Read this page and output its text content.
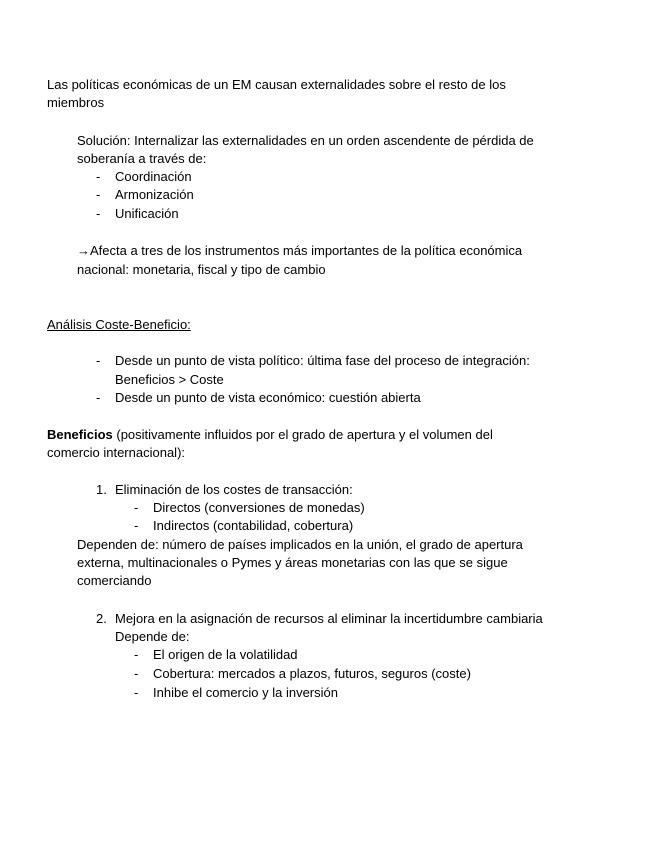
Las políticas económicas de un EM causan externalidades sobre el resto de los
miembros
Solución: Internalizar las externalidades en un orden ascendente de pérdida de
soberanía a través de:
- Coordinación
- Armonización
- Unificación
→Afecta a tres de los instrumentos más importantes de la política económica
nacional: monetaria, fiscal y tipo de cambio
Análisis Coste-Beneficio:
- Desde un punto de vista político: última fase del proceso de integración:
Beneficios > Coste
- Desde un punto de vista económico: cuestión abierta
Beneficios (positivamente influidos por el grado de apertura y el volumen del
comercio internacional):
1. Eliminación de los costes de transacción:
- Directos (conversiones de monedas)
- Indirectos (contabilidad, cobertura)
Dependen de: número de países implicados en la unión, el grado de apertura
externa, multinacionales o Pymes y áreas monetarias con las que se sigue
comerciando
2. Mejora en la asignación de recursos al eliminar la incertidumbre cambiaria
Depende de:
- El origen de la volatilidad
- Cobertura: mercados a plazos, futuros, seguros (coste)
- Inhibe el comercio y la inversión
